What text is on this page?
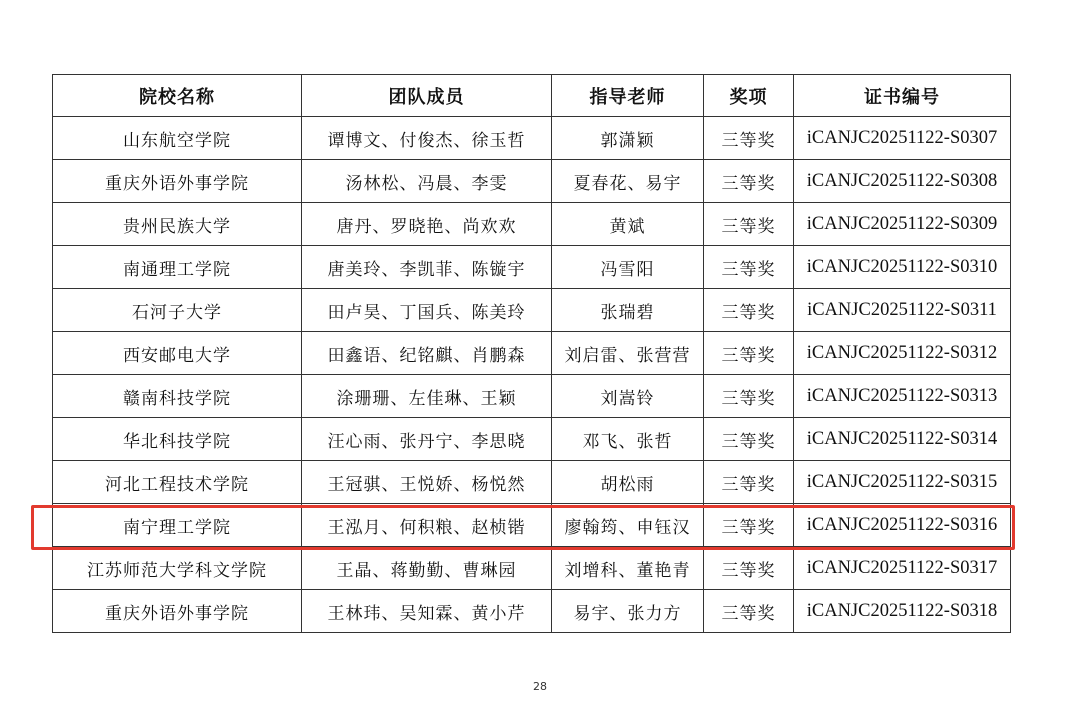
院校名称	团队成员	指导老师	奖项	证书编号
山东航空学院	谭博文、付俊杰、徐玉哲	郭潇颖	三等奖	iCANJC20251122-S0307
重庆外语外事学院	汤林松、冯晨、李雯	夏春花、易宇	三等奖	iCANJC20251122-S0308
贵州民族大学	唐丹、罗晓艳、尚欢欢	黄斌	三等奖	iCANJC20251122-S0309
南通理工学院	唐美玲、李凯菲、陈镟宇	冯雪阳	三等奖	iCANJC20251122-S0310
石河子大学	田卢昊、丁国兵、陈美玲	张瑞碧	三等奖	iCANJC20251122-S0311
西安邮电大学	田鑫语、纪铭麒、肖鹏森	刘启雷、张营营	三等奖	iCANJC20251122-S0312
赣南科技学院	涂珊珊、左佳琳、王颖	刘嵩铃	三等奖	iCANJC20251122-S0313
华北科技学院	汪心雨、张丹宁、李思晓	邓飞、张哲	三等奖	iCANJC20251122-S0314
河北工程技术学院	王冠骐、王悦娇、杨悦然	胡松雨	三等奖	iCANJC20251122-S0315
南宁理工学院	王泓月、何积粮、赵桢锴	廖翰筠、申钰汉	三等奖	iCANJC20251122-S0316
江苏师范大学科文学院	王晶、蒋勤勤、曹琳园	刘增科、董艳青	三等奖	iCANJC20251122-S0317
重庆外语外事学院	王林玮、吴知霖、黄小芹	易宇、张力方	三等奖	iCANJC20251122-S0318
28
